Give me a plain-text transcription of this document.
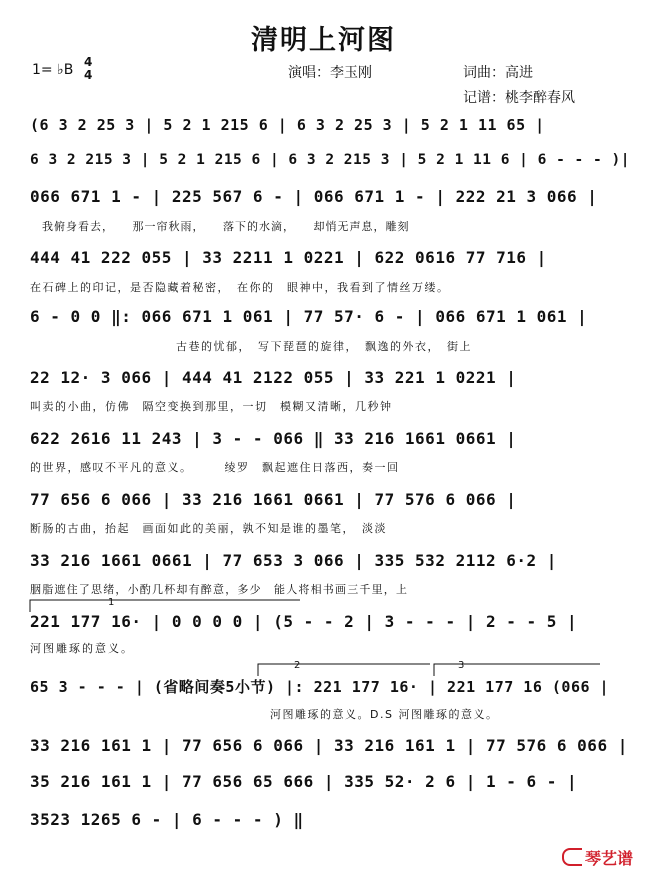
清明上河图
1= ♭B 4
4	演唱：李玉刚	词曲：高进
记谱：桃李醉春风
(6 3 2 25 3 | 5 2 1 215 6 | 6 3 2 25 3 | 5 2 1 11 65 |
6 3 2 215 3 | 5 2 1 215 6 | 6 3 2 215 3 | 5 2 1 11 6 | 6 - - - )|
066 671 1 - | 225 567 6 - | 066 671 1 - | 222 21 3 066 |
我俯身看去，　　那一帘秋雨，　　落下的水滴，　　却悄无声息，雕刻
444 41 222 055 | 33 2211 1 0221 | 622 0616 77 716 |
在石碑上的印记，是否隐藏着秘密，　在你的　眼神中，我看到了情丝万缕。
6 - 0 0 ‖: 066 671 1 061 | 77 57· 6 - | 066 671 1 061 |
古巷的忧郁，　写下琵琶的旋律，　飘逸的外衣，　街上
22 12· 3 066 | 444 41 2122 055 | 33 221 1 0221 |
叫卖的小曲，仿佛　隔空变换到那里，一切　模糊又清晰，几秒钟
622 2616 11 243 | 3 - - 066 ‖ 33 216 1661 0661 |
的世界，感叹不平凡的意义。　　　绫罗　飘起遮住日落西，奏一回
77 656 6 066 | 33 216 1661 0661 | 77 576 6 066 |
断肠的古曲，抬起　画面如此的美丽，孰不知是谁的墨笔，　淡淡
33 216 1661 0661 | 77 653 3 066 | 335 532 2112 6·2 |
胭脂遮住了思绪，小酌几杯却有醉意，多少　能人将相书画三千里，上
221 177 16· | 0 0 0 0 | (5 - - 2 | 3 - - - | 2 - - 5 |
河图雕琢的意义。
65 3 - - - | (省略间奏5小节) |: 221 177 16· | 221 177 16 (066 |
河图雕琢的意义。D.S 河图雕琢的意义。
33 216 161 1 | 77 656 6 066 | 33 216 161 1 | 77 576 6 066 |
35 216 161 1 | 77 656 65 666 | 335 52· 2 6 | 1 - 6 - |
3523 1265 6 - | 6 - - - ) ‖
1
2	3
琴艺谱
